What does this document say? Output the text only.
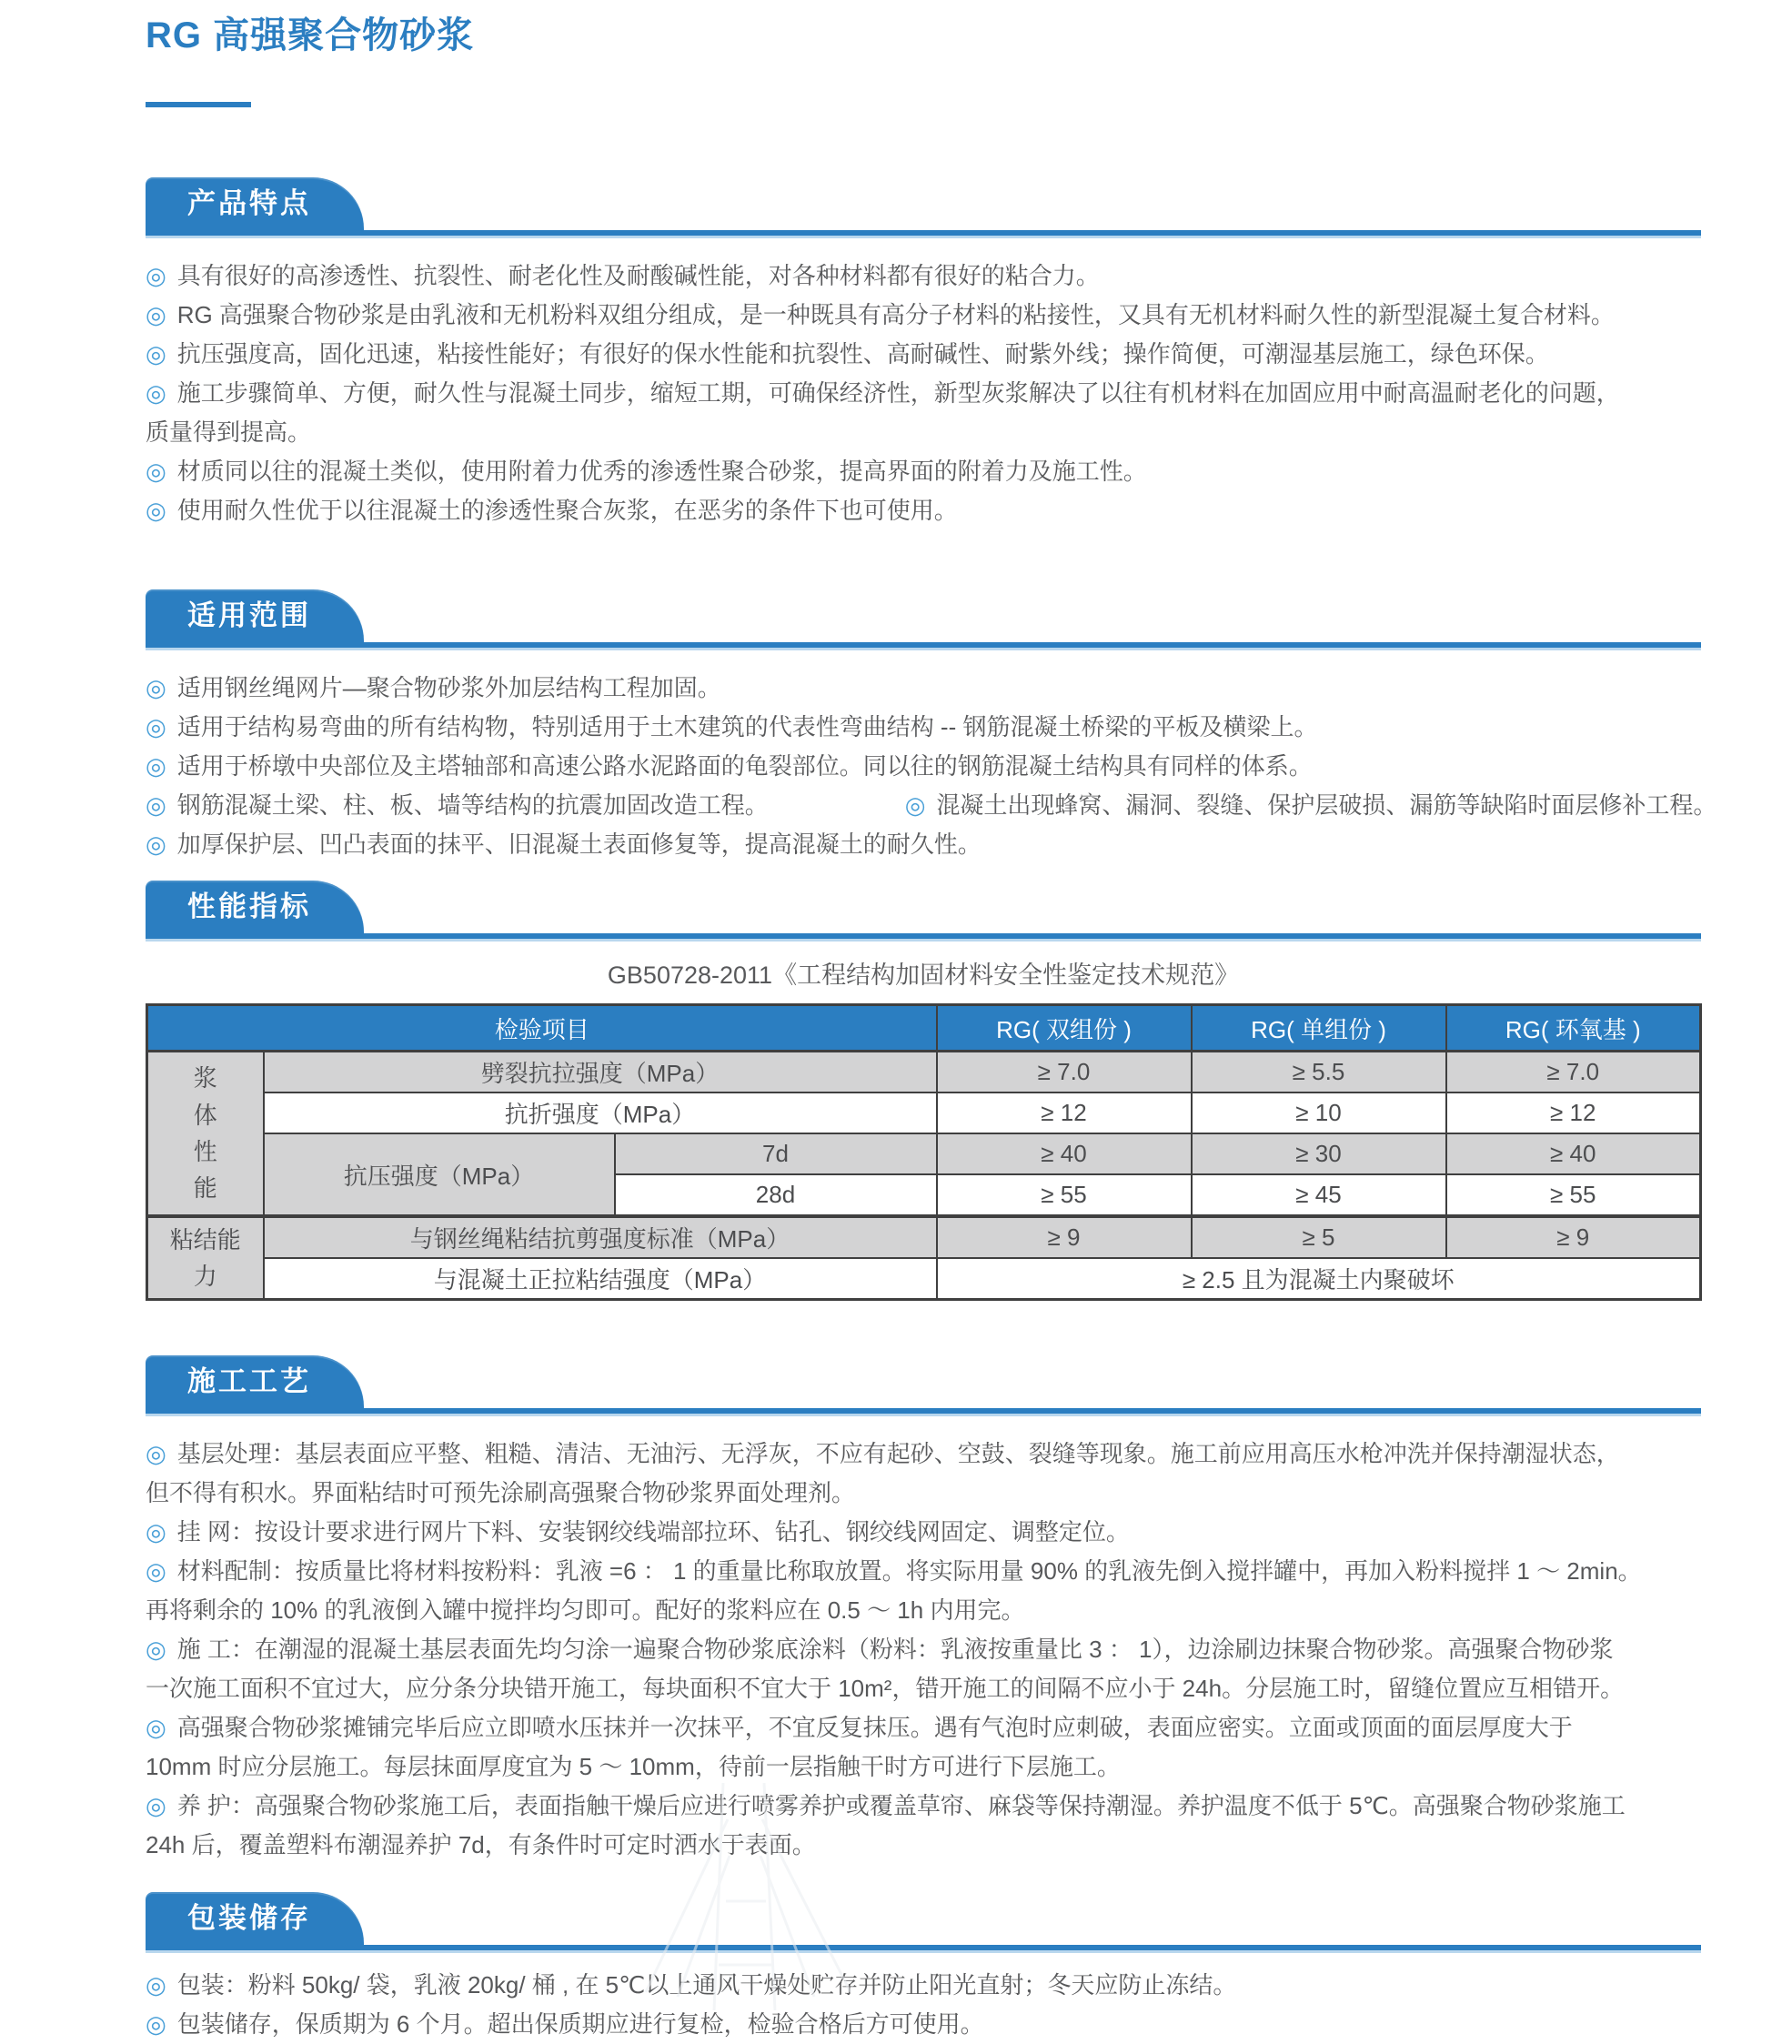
RG 高强聚合物砂浆
产品特点

◎ 具有很好的高渗透性、抗裂性、耐老化性及耐酸碱性能，对各种材料都有很好的粘合力。

◎ RG 高强聚合物砂浆是由乳液和无机粉料双组分组成，是一种既具有高分子材料的粘接性，又具有无机材料耐久性的新型混凝土复合材料。

◎ 抗压强度高，固化迅速，粘接性能好；有很好的保水性能和抗裂性、高耐碱性、耐紫外线；操作简便，可潮湿基层施工，绿色环保。

◎ 施工步骤简单、方便，耐久性与混凝土同步，缩短工期，可确保经济性，新型灰浆解决了以往有机材料在加固应用中耐高温耐老化的问题，

质量得到提高。

◎ 材质同以往的混凝土类似，使用附着力优秀的渗透性聚合砂浆，提高界面的附着力及施工性。

◎ 使用耐久性优于以往混凝土的渗透性聚合灰浆，在恶劣的条件下也可使用。

适用范围

◎ 适用钢丝绳网片—聚合物砂浆外加层结构工程加固。

◎ 适用于结构易弯曲的所有结构物，特别适用于土木建筑的代表性弯曲结构 -- 钢筋混凝土桥梁的平板及横梁上。

◎ 适用于桥墩中央部位及主塔轴部和高速公路水泥路面的龟裂部位。同以往的钢筋混凝土结构具有同样的体系。

◎ 钢筋混凝土梁、柱、板、墙等结构的抗震加固改造工程。	◎ 混凝土出现蜂窝、漏洞、裂缝、保护层破损、漏筋等缺陷时面层修补工程。

◎ 加厚保护层、凹凸表面的抹平、旧混凝土表面修复等，提高混凝土的耐久性。

性能指标
GB50728-2011《工程结构加固材料安全性鉴定技术规范》
检验项目			RG( 双组份 )	RG( 单组份 )	RG( 环氧基 )
浆体性能	劈裂抗拉强度（MPa）		≥ 7.0	≥ 5.5	≥ 7.0
	抗折强度（MPa）		≥ 12	≥ 10	≥ 12
	抗压强度（MPa）	7d	≥ 40	≥ 30	≥ 40
		28d	≥ 55	≥ 45	≥ 55
粘结能力	与钢丝绳粘结抗剪强度标准（MPa）		≥ 9	≥ 5	≥ 9
	与混凝土正拉粘结强度（MPa）		≥ 2.5 且为混凝土内聚破坏		
施工工艺

◎ 基层处理：基层表面应平整、粗糙、清洁、无油污、无浮灰，不应有起砂、空鼓、裂缝等现象。施工前应用高压水枪冲洗并保持潮湿状态，

但不得有积水。界面粘结时可预先涂刷高强聚合物砂浆界面处理剂。

◎ 挂 网：按设计要求进行网片下料、安装钢绞线端部拉环、钻孔、钢绞线网固定、调整定位。

◎ 材料配制：按质量比将材料按粉料：乳液 =6 ： 1 的重量比称取放置。将实际用量 90% 的乳液先倒入搅拌罐中，再加入粉料搅拌 1 ～ 2min。

再将剩余的 10% 的乳液倒入罐中搅拌均匀即可。配好的浆料应在 0.5 ～ 1h 内用完。

◎ 施 工：在潮湿的混凝土基层表面先均匀涂一遍聚合物砂浆底涂料（粉料：乳液按重量比 3 ： 1），边涂刷边抹聚合物砂浆。高强聚合物砂浆

一次施工面积不宜过大，应分条分块错开施工，每块面积不宜大于 10m²，错开施工的间隔不应小于 24h。分层施工时，留缝位置应互相错开。

◎ 高强聚合物砂浆摊铺完毕后应立即喷水压抹并一次抹平，不宜反复抹压。遇有气泡时应刺破，表面应密实。立面或顶面的面层厚度大于

10mm 时应分层施工。每层抹面厚度宜为 5 ～ 10mm，待前一层指触干时方可进行下层施工。

◎ 养 护：高强聚合物砂浆施工后，表面指触干燥后应进行喷雾养护或覆盖草帘、麻袋等保持潮湿。养护温度不低于 5℃。高强聚合物砂浆施工

24h 后，覆盖塑料布潮湿养护 7d，有条件时可定时洒水于表面。

包装储存

◎ 包装：粉料 50kg/ 袋，乳液 20kg/ 桶 , 在 5℃以上通风干燥处贮存并防止阳光直射；冬天应防止冻结。

◎ 包装储存，保质期为 6 个月。超出保质期应进行复检，检验合格后方可使用。
